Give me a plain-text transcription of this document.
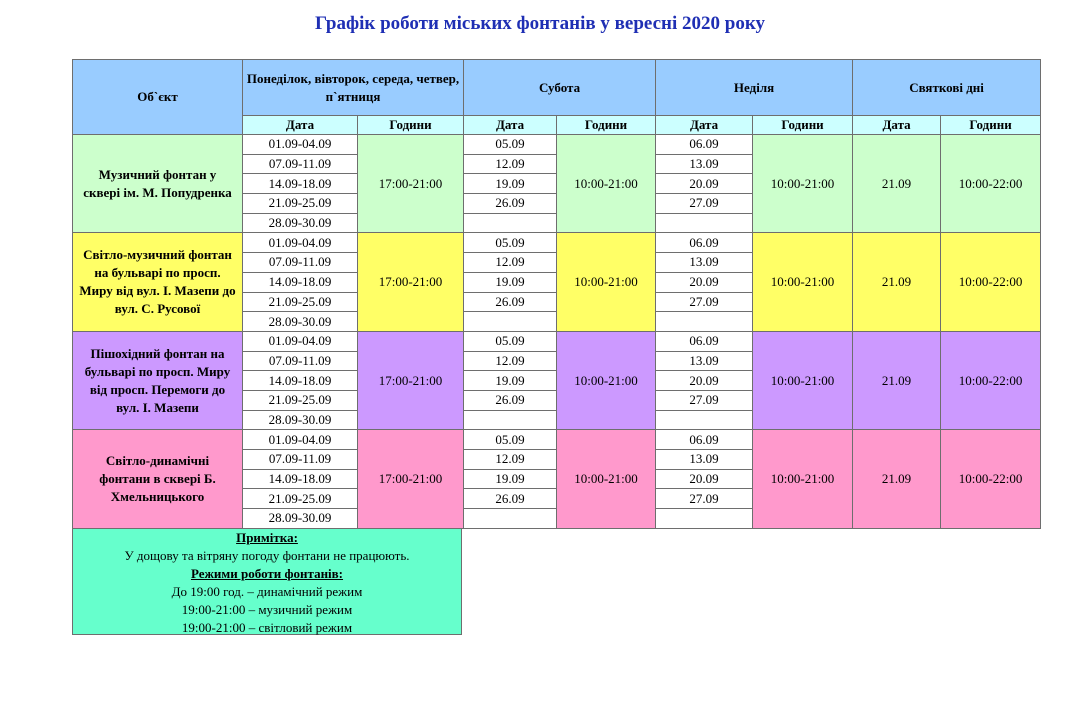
Графік роботи міських фонтанів у вересні 2020 року
Об`єкт	Понеділок, вівторок, середа, четвер, п`ятниця		Субота		Неділя		Святкові дні	
	Дата	Години	Дата	Години	Дата	Години	Дата	Години
Музичний фонтан у сквері ім. М. Попудренка	01.09-04.09	17:00-21:00	05.09	10:00-21:00	06.09	10:00-21:00	21.09	10:00-22:00
	07.09-11.09		12.09		13.09			
	14.09-18.09		19.09		20.09			
	21.09-25.09		26.09		27.09			
	28.09-30.09							
Світло-музичний фонтан на бульварі по просп. Миру від вул. І. Мазепи до вул. С. Русової	01.09-04.09	17:00-21:00	05.09	10:00-21:00	06.09	10:00-21:00	21.09	10:00-22:00
	07.09-11.09		12.09		13.09			
	14.09-18.09		19.09		20.09			
	21.09-25.09		26.09		27.09			
	28.09-30.09							
Пішохідний фонтан на бульварі по просп. Миру від просп. Перемоги до вул. І. Мазепи	01.09-04.09	17:00-21:00	05.09	10:00-21:00	06.09	10:00-21:00	21.09	10:00-22:00
	07.09-11.09		12.09		13.09			
	14.09-18.09		19.09		20.09			
	21.09-25.09		26.09		27.09			
	28.09-30.09							
Світло-динамічні фонтани в сквері Б. Хмельницького	01.09-04.09	17:00-21:00	05.09	10:00-21:00	06.09	10:00-21:00	21.09	10:00-22:00
	07.09-11.09		12.09		13.09			
	14.09-18.09		19.09		20.09			
	21.09-25.09		26.09		27.09			
	28.09-30.09							
Примітка:
У дощову та вітряну погоду фонтани не працюють.
Режими роботи фонтанів:
До 19:00 год. – динамічний режим
19:00-21:00 – музичний режим
19:00-21:00 – світловий режим
